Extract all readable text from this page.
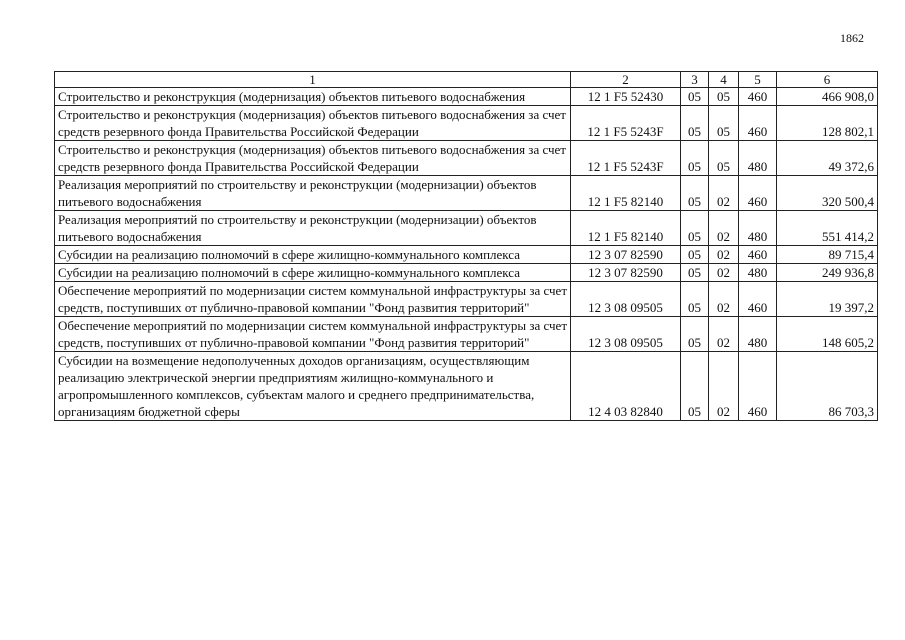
1862
1	2	3	4	5	6
Строительство и реконструкция (модернизация) объектов питьевого водоснабжения	12 1 F5 52430	05	05	460	466 908,0
Строительство и реконструкция (модернизация) объектов питьевого водоснабжения за счет средств резервного фонда Правительства Российской Федерации	12 1 F5 5243F	05	05	460	128 802,1
Строительство и реконструкция (модернизация) объектов питьевого водоснабжения за счет средств резервного фонда Правительства Российской Федерации	12 1 F5 5243F	05	05	480	49 372,6
Реализация мероприятий по строительству и реконструкции (модернизации) объектов питьевого водоснабжения	12 1 F5 82140	05	02	460	320 500,4
Реализация мероприятий по строительству и реконструкции (модернизации) объектов питьевого водоснабжения	12 1 F5 82140	05	02	480	551 414,2
Субсидии на реализацию полномочий в сфере жилищно-коммунального комплекса	12 3 07 82590	05	02	460	89 715,4
Субсидии на реализацию полномочий в сфере жилищно-коммунального комплекса	12 3 07 82590	05	02	480	249 936,8
Обеспечение мероприятий по модернизации систем коммунальной инфраструктуры за счет средств, поступивших от публично-правовой компании "Фонд развития территорий"	12 3 08 09505	05	02	460	19 397,2
Обеспечение мероприятий по модернизации систем коммунальной инфраструктуры за счет средств, поступивших от публично-правовой компании "Фонд развития территорий"	12 3 08 09505	05	02	480	148 605,2
Субсидии на возмещение недополученных доходов организациям, осуществляющим реализацию электрической энергии предприятиям жилищно-коммунального и агропромышленного комплексов, субъектам малого и среднего предпринимательства, организациям бюджетной сферы	12 4 03 82840	05	02	460	86 703,3
